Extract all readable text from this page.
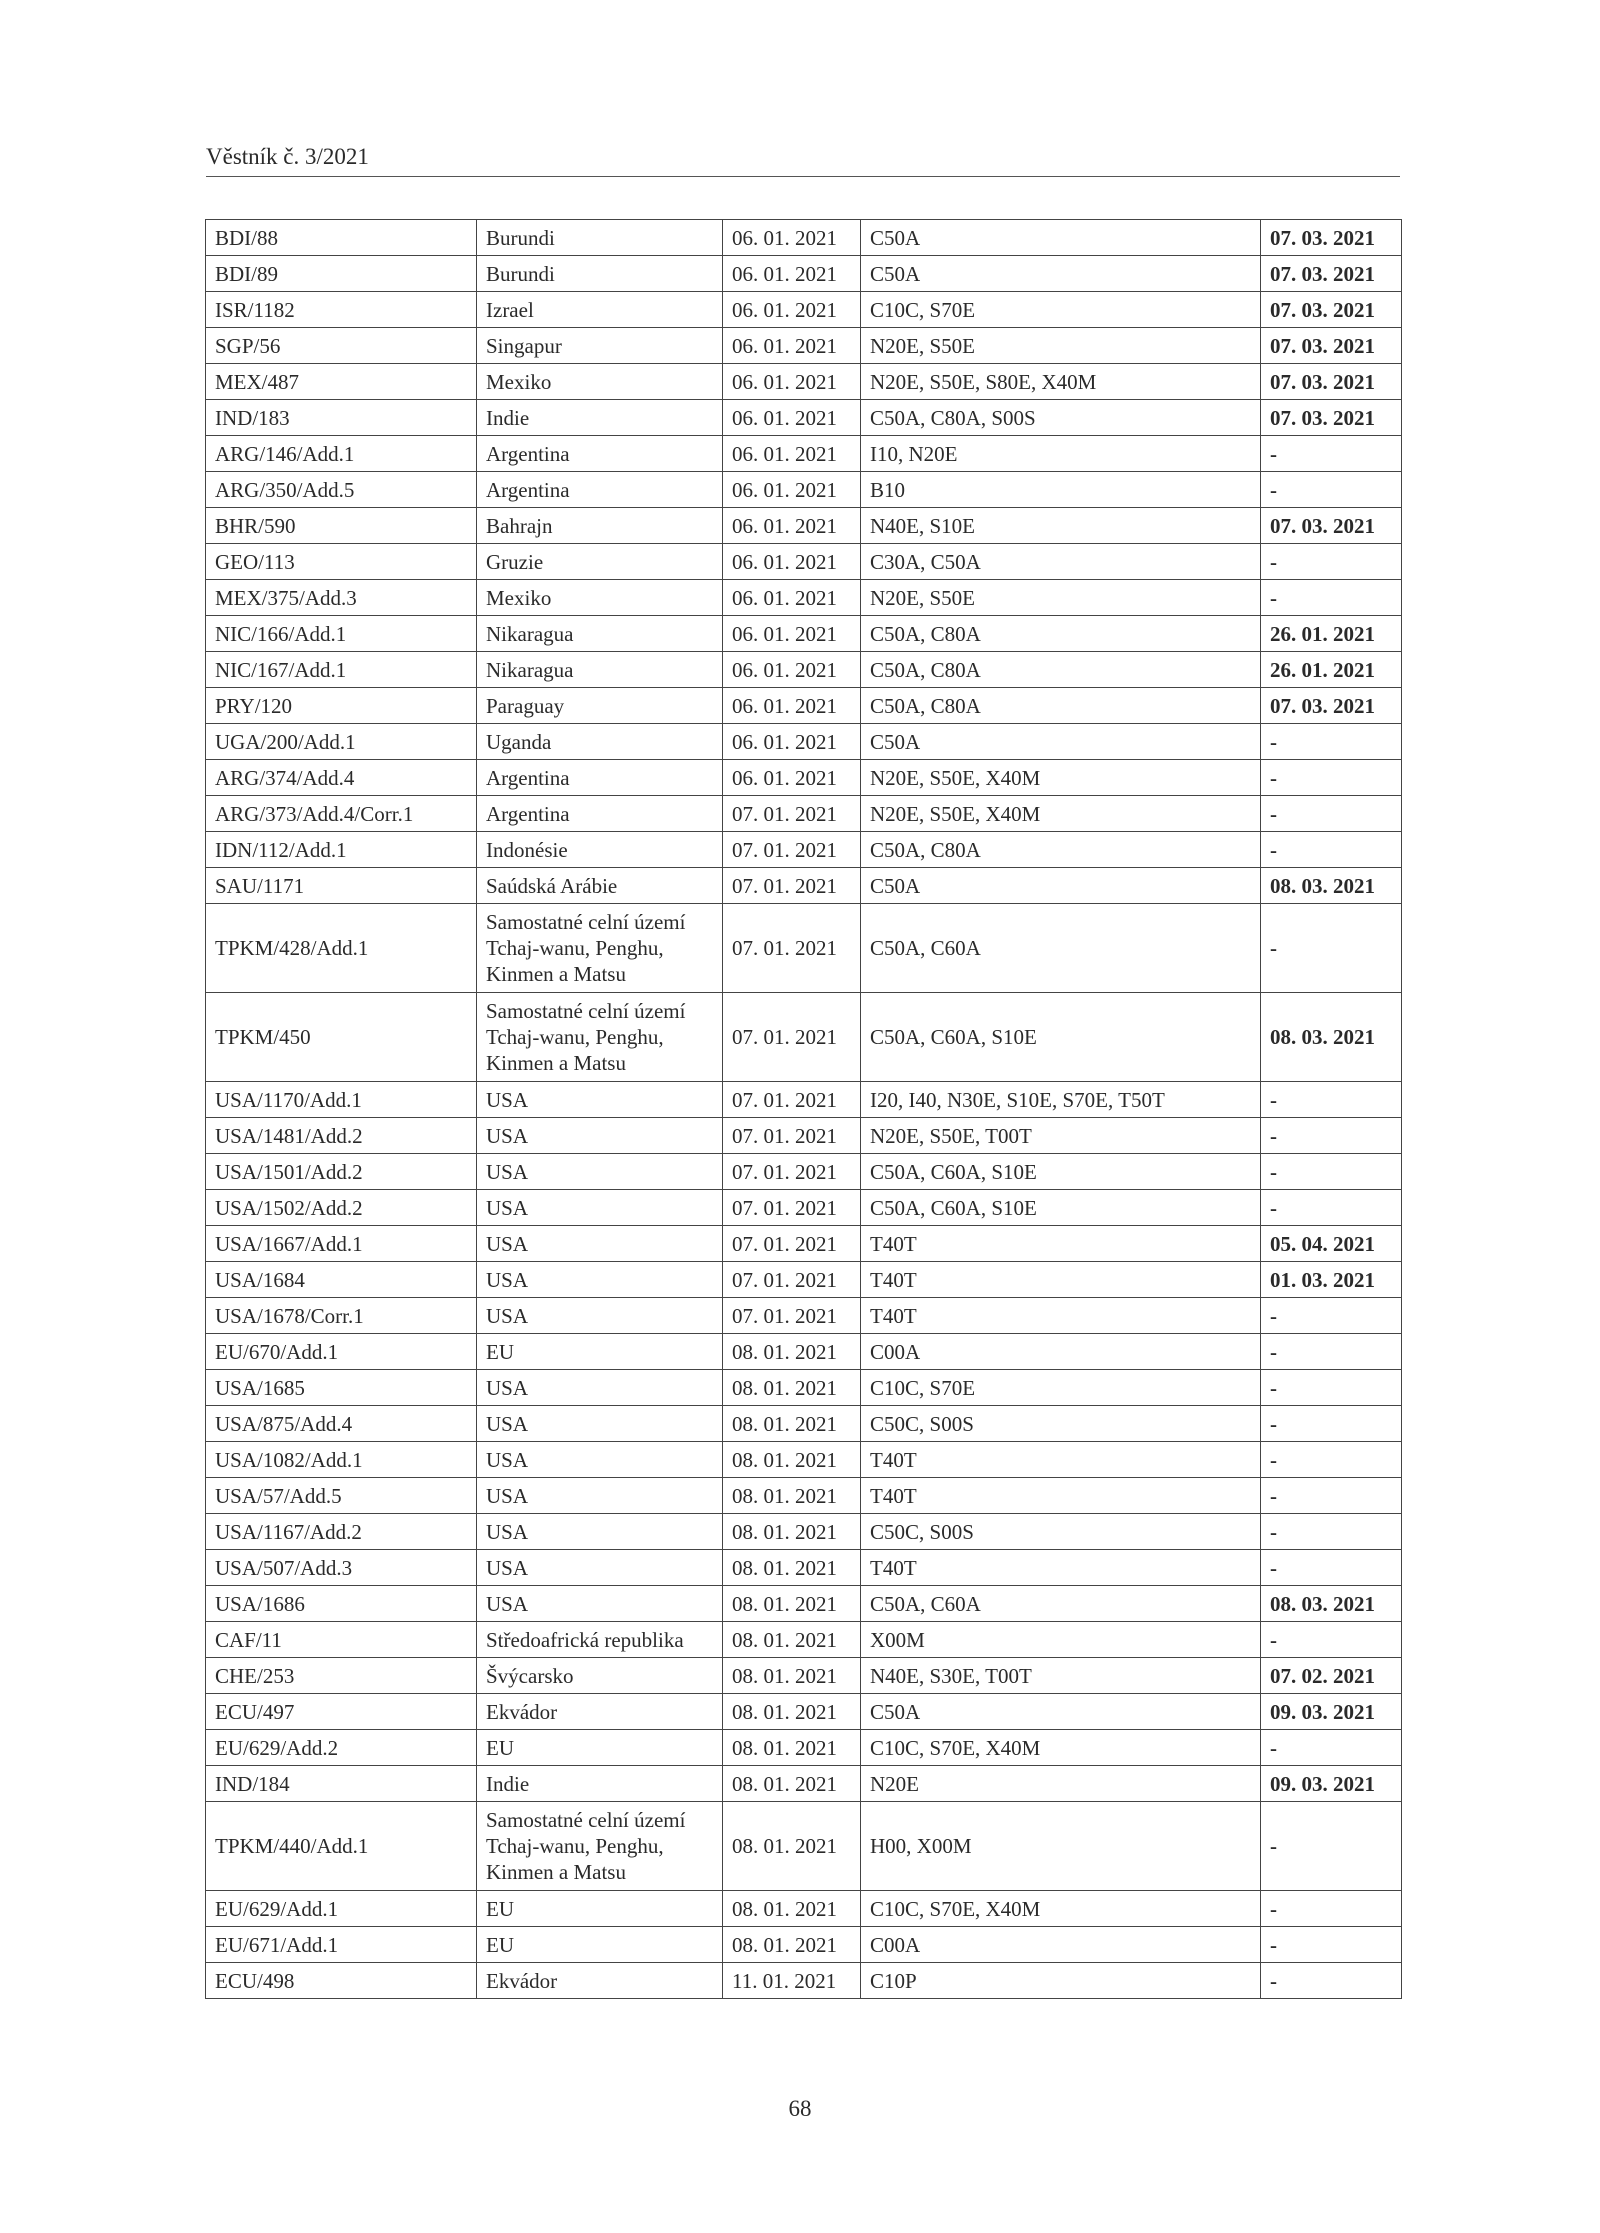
Věstník č. 3/2021
BDI/88	Burundi	06. 01. 2021	C50A	07. 03. 2021
BDI/89	Burundi	06. 01. 2021	C50A	07. 03. 2021
ISR/1182	Izrael	06. 01. 2021	C10C, S70E	07. 03. 2021
SGP/56	Singapur	06. 01. 2021	N20E, S50E	07. 03. 2021
MEX/487	Mexiko	06. 01. 2021	N20E, S50E, S80E, X40M	07. 03. 2021
IND/183	Indie	06. 01. 2021	C50A, C80A, S00S	07. 03. 2021
ARG/146/Add.1	Argentina	06. 01. 2021	I10, N20E	-
ARG/350/Add.5	Argentina	06. 01. 2021	B10	-
BHR/590	Bahrajn	06. 01. 2021	N40E, S10E	07. 03. 2021
GEO/113	Gruzie	06. 01. 2021	C30A, C50A	-
MEX/375/Add.3	Mexiko	06. 01. 2021	N20E, S50E	-
NIC/166/Add.1	Nikaragua	06. 01. 2021	C50A, C80A	26. 01. 2021
NIC/167/Add.1	Nikaragua	06. 01. 2021	C50A, C80A	26. 01. 2021
PRY/120	Paraguay	06. 01. 2021	C50A, C80A	07. 03. 2021
UGA/200/Add.1	Uganda	06. 01. 2021	C50A	-
ARG/374/Add.4	Argentina	06. 01. 2021	N20E, S50E, X40M	-
ARG/373/Add.4/Corr.1	Argentina	07. 01. 2021	N20E, S50E, X40M	-
IDN/112/Add.1	Indonésie	07. 01. 2021	C50A, C80A	-
SAU/1171	Saúdská Arábie	07. 01. 2021	C50A	08. 03. 2021
TPKM/428/Add.1	Samostatné celní území
Tchaj-wanu, Penghu,
Kinmen a Matsu	07. 01. 2021	C50A, C60A	-
TPKM/450	Samostatné celní území
Tchaj-wanu, Penghu,
Kinmen a Matsu	07. 01. 2021	C50A, C60A, S10E	08. 03. 2021
USA/1170/Add.1	USA	07. 01. 2021	I20, I40, N30E, S10E, S70E, T50T	-
USA/1481/Add.2	USA	07. 01. 2021	N20E, S50E, T00T	-
USA/1501/Add.2	USA	07. 01. 2021	C50A, C60A, S10E	-
USA/1502/Add.2	USA	07. 01. 2021	C50A, C60A, S10E	-
USA/1667/Add.1	USA	07. 01. 2021	T40T	05. 04. 2021
USA/1684	USA	07. 01. 2021	T40T	01. 03. 2021
USA/1678/Corr.1	USA	07. 01. 2021	T40T	-
EU/670/Add.1	EU	08. 01. 2021	C00A	-
USA/1685	USA	08. 01. 2021	C10C, S70E	-
USA/875/Add.4	USA	08. 01. 2021	C50C, S00S	-
USA/1082/Add.1	USA	08. 01. 2021	T40T	-
USA/57/Add.5	USA	08. 01. 2021	T40T	-
USA/1167/Add.2	USA	08. 01. 2021	C50C, S00S	-
USA/507/Add.3	USA	08. 01. 2021	T40T	-
USA/1686	USA	08. 01. 2021	C50A, C60A	08. 03. 2021
CAF/11	Středoafrická republika	08. 01. 2021	X00M	-
CHE/253	Švýcarsko	08. 01. 2021	N40E, S30E, T00T	07. 02. 2021
ECU/497	Ekvádor	08. 01. 2021	C50A	09. 03. 2021
EU/629/Add.2	EU	08. 01. 2021	C10C, S70E, X40M	-
IND/184	Indie	08. 01. 2021	N20E	09. 03. 2021
TPKM/440/Add.1	Samostatné celní území
Tchaj-wanu, Penghu,
Kinmen a Matsu	08. 01. 2021	H00, X00M	-
EU/629/Add.1	EU	08. 01. 2021	C10C, S70E, X40M	-
EU/671/Add.1	EU	08. 01. 2021	C00A	-
ECU/498	Ekvádor	11. 01. 2021	C10P	-
68
